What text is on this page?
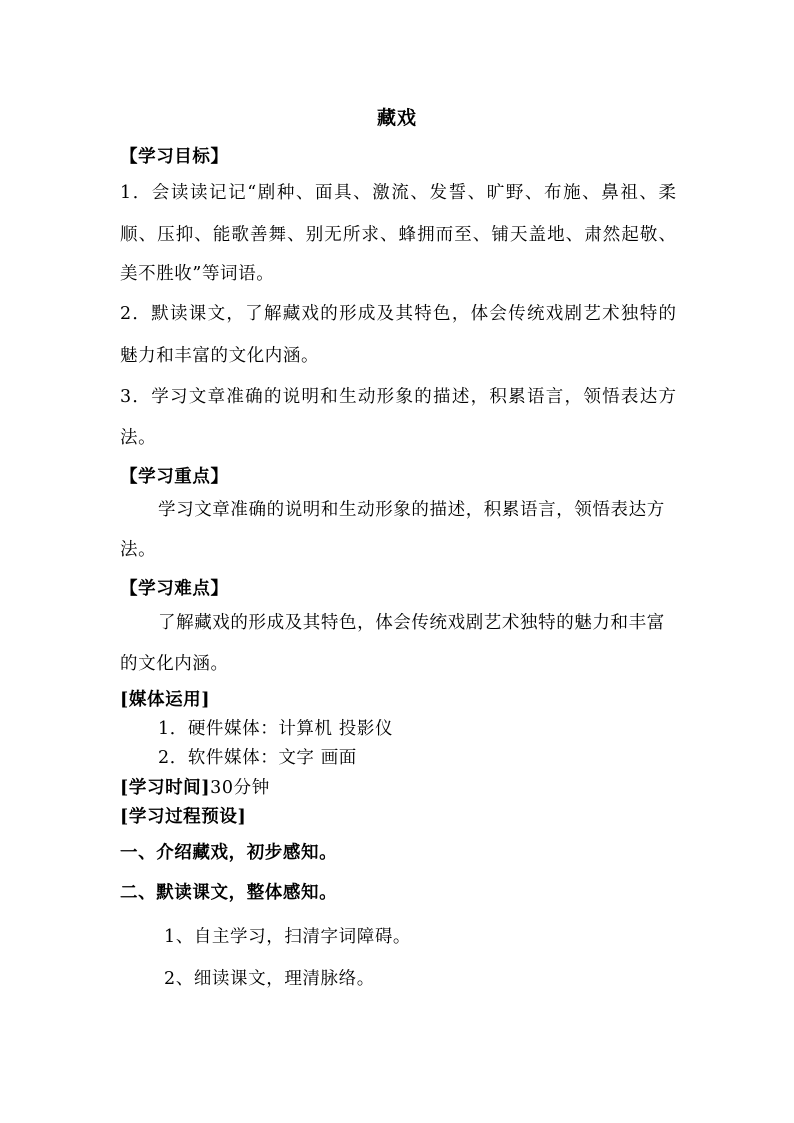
藏戏
【学习目标】
1．会读读记记“剧种、面具、激流、发誓、旷野、布施、鼻祖、柔
顺、压抑、能歌善舞、别无所求、蜂拥而至、铺天盖地、肃然起敬、
美不胜收”等词语。
2．默读课文，了解藏戏的形成及其特色，体会传统戏剧艺术独特的
魅力和丰富的文化内涵。
3．学习文章准确的说明和生动形象的描述，积累语言，领悟表达方
法。
【学习重点】
学习文章准确的说明和生动形象的描述，积累语言，领悟表达方
法。
【学习难点】
了解藏戏的形成及其特色，体会传统戏剧艺术独特的魅力和丰富
的文化内涵。
[媒体运用]
1．硬件媒体：计算机 投影仪
2．软件媒体：文字 画面
[学习时间]30分钟
[学习过程预设]
一、介绍藏戏，初步感知。
二、默读课文，整体感知。
1、自主学习，扫清字词障碍。
2、细读课文，理清脉络。
